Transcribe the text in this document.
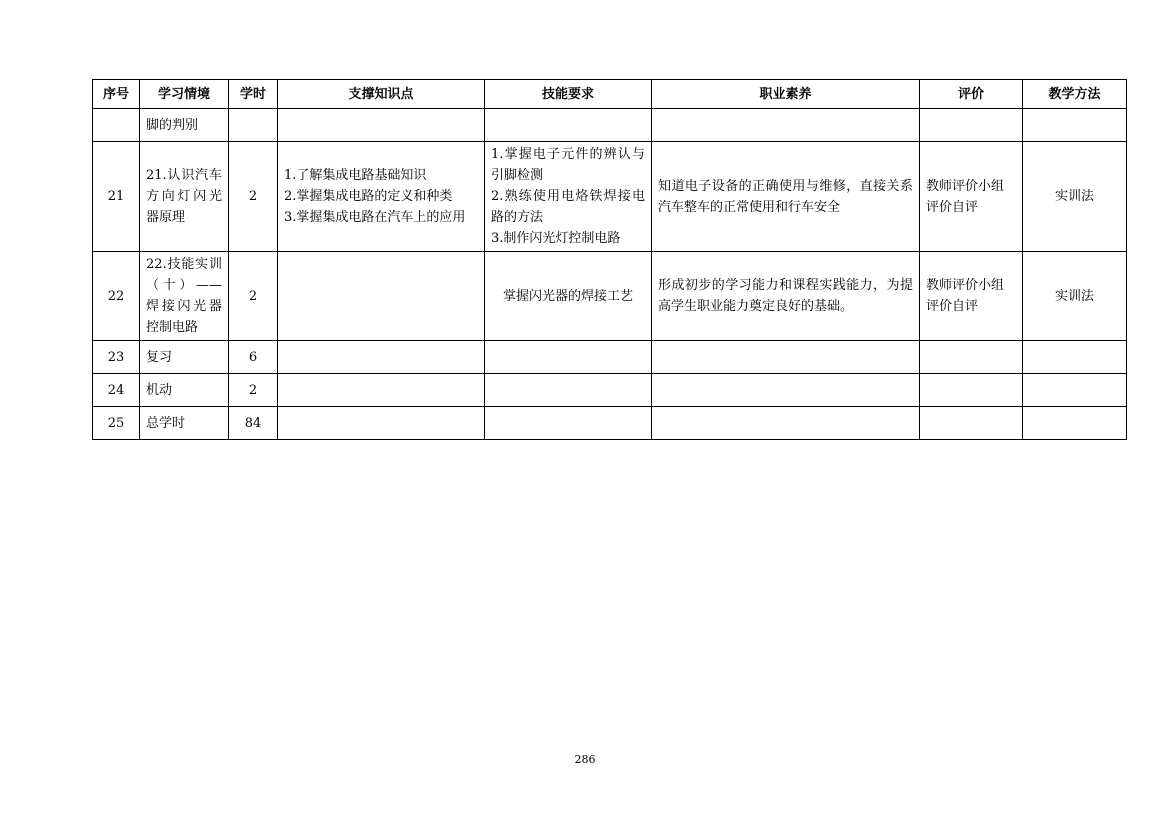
序号	学习情境	学时	支撑知识点	技能要求	职业素养	评价	教学方法

	脚的判别						

21	21.认识汽车方向灯闪光器原理	2	1.了解集成电路基础知识
2.掌握集成电路的定义和种类
3.掌握集成电路在汽车上的应用	1.掌握电子元件的辨认与引脚检测
2.熟练使用电烙铁焊接电路的方法
3.制作闪光灯控制电路	知道电子设备的正确使用与维修，直接关系汽车整车的正常使用和行车安全	教师评价小组评价自评	实训法
22	22.技能实训（十）——焊接闪光器控制电路	2		掌握闪光器的焊接工艺	形成初步的学习能力和课程实践能力，为提高学生职业能力奠定良好的基础。	教师评价小组评价自评	实训法
23	复习	6					
24	机动	2					
25	总学时	84					
286
